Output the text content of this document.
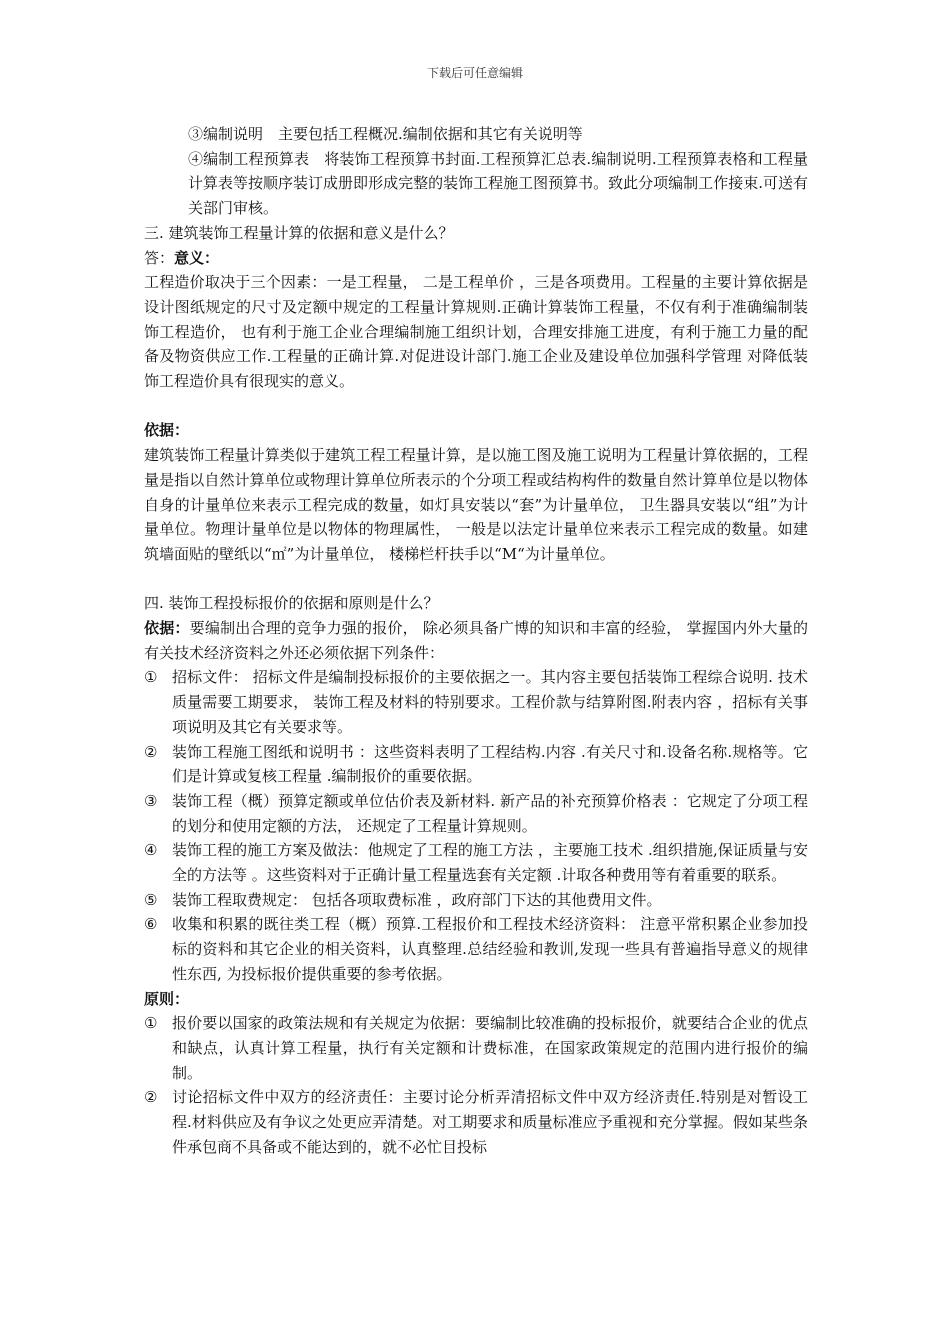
下载后可任意编辑

③编制说明　主要包括工程概况.编制依据和其它有关说明等

④编制工程预算表　将装饰工程预算书封面.工程预算汇总表.编制说明.工程预算表格和工程量计算表等按顺序装订成册即形成完整的装饰工程施工图预算书。致此分项编制工作接束.可送有关部门审核。

三. 建筑装饰工程量计算的依据和意义是什么？

答：意义：

工程造价取决于三个因素：一是工程量， 二是工程单价 ，三是各项费用。工程量的主要计算依据是设计图纸规定的尺寸及定额中规定的工程量计算规则.正确计算装饰工程量，不仅有利于准确编制装饰工程造价， 也有利于施工企业合理编制施工组织计划，合理安排施工进度，有利于施工力量的配备及物资供应工作.工程量的正确计算.对促进设计部门.施工企业及建设单位加强科学管理 对降低装饰工程造价具有很现实的意义。

依据：

建筑装饰工程量计算类似于建筑工程工程量计算，是以施工图及施工说明为工程量计算依据的，工程量是指以自然计算单位或物理计算单位所表示的个分项工程或结构构件的数量自然计算单位是以物体自身的计量单位来表示工程完成的数量，如灯具安装以“套”为计量单位， 卫生器具安装以“组”为计量单位。物理计量单位是以物体的物理属性， 一般是以法定计量单位来表示工程完成的数量。如建筑墙面贴的壁纸以“㎡”为计量单位， 楼梯栏杆扶手以“M“为计量单位。

四. 装饰工程投标报价的依据和原则是什么？

依据：要编制出合理的竞争力强的报价， 除必须具备广博的知识和丰富的经验， 掌握国内外大量的有关技术经济资料之外还必须依据下列条件：

① 招标文件： 招标文件是编制投标报价的主要依据之一。其内容主要包括装饰工程综合说明. 技术质量需要工期要求， 装饰工程及材料的特别要求。工程价款与结算附图.附表内容 ，招标有关事项说明及其它有关要求等。
② 装饰工程施工图纸和说明书 ：这些资料表明了工程结构.内容 .有关尺寸和.设备名称.规格等。它们是计算或复核工程量 .编制报价的重要依据。
③ 装饰工程（概）预算定额或单位估价表及新材料. 新产品的补充预算价格表 ：它规定了分项工程的划分和使用定额的方法， 还规定了工程量计算规则。
④ 装饰工程的施工方案及做法：他规定了工程的施工方法 ，主要施工技术 .组织措施,保证质量与安全的方法等 。这些资料对于正确计量工程量选套有关定额 .计取各种费用等有着重要的联系。
⑤ 装饰工程取费规定： 包括各项取费标准 ，政府部门下达的其他费用文件。
⑥ 收集和积累的既往类工程（概）预算.工程报价和工程技术经济资料： 注意平常积累企业参加投标的资料和其它企业的相关资料，认真整理.总结经验和教训,发现一些具有普遍指导意义的规律性东西, 为投标报价提供重要的参考依据。

原则：

① 报价要以国家的政策法规和有关规定为依据：要编制比较准确的投标报价，就要结合企业的优点和缺点，认真计算工程量，执行有关定额和计费标准，在国家政策规定的范围内进行报价的编制。
② 讨论招标文件中双方的经济责任：主要讨论分析弄清招标文件中双方经济责任.特别是对暂设工程.材料供应及有争议之处更应弄清楚。对工期要求和质量标准应予重视和充分掌握。假如某些条件承包商不具备或不能达到的，就不必忙目投标
